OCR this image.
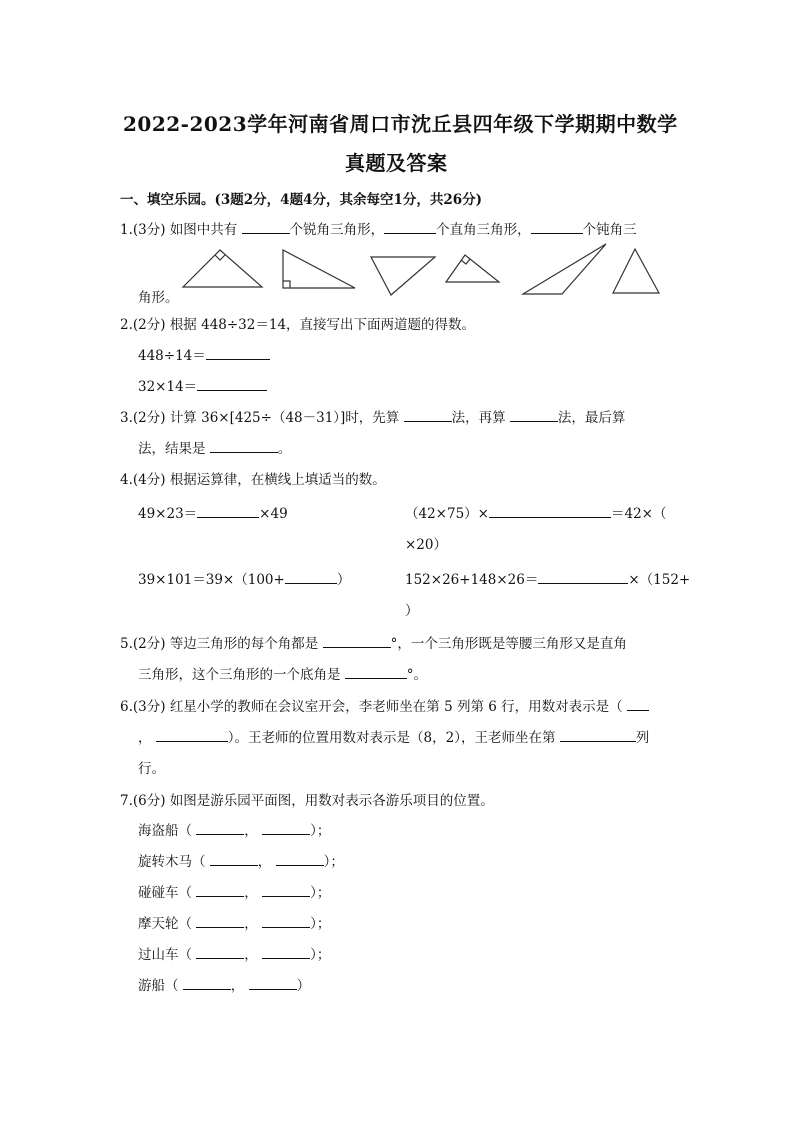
2022-2023学年河南省周口市沈丘县四年级下学期期中数学
真题及答案
一、填空乐园。(3题2分，4题4分，其余每空1分，共26分)
1.(3分) 如图中共有	个锐角三角形，	个直角三角形，	个钝角三
角形。
2.(2分) 根据 448÷32＝14，直接写出下面两道题的得数。
448÷14＝
32×14＝
3.(2分) 计算 36×[425÷（48－31）]时，先算	法，再算	法，最后算
法，结果是	。
4.(4分) 根据运算律，在横线上填适当的数。
49×23＝	×49	（42×75）×	＝42×（
×20）
39×101＝39×（100+	）	152×26+148×26＝	×（152+
）
5.(2分) 等边三角形的每个角都是	°，一个三角形既是等腰三角形又是直角
三角形，这个三角形的一个底角是	°。
6.(3分) 红星小学的教师在会议室开会，李老师坐在第 5 列第 6 行，用数对表示是（
，	）。王老师的位置用数对表示是（8，2），王老师坐在第	列
行。
7.(6分) 如图是游乐园平面图，用数对表示各游乐项目的位置。
海盗船（	，	）；
旋转木马（	，	）；
碰碰车（	，	）；
摩天轮（	，	）；
过山车（	，	）；
游船（	，	）
